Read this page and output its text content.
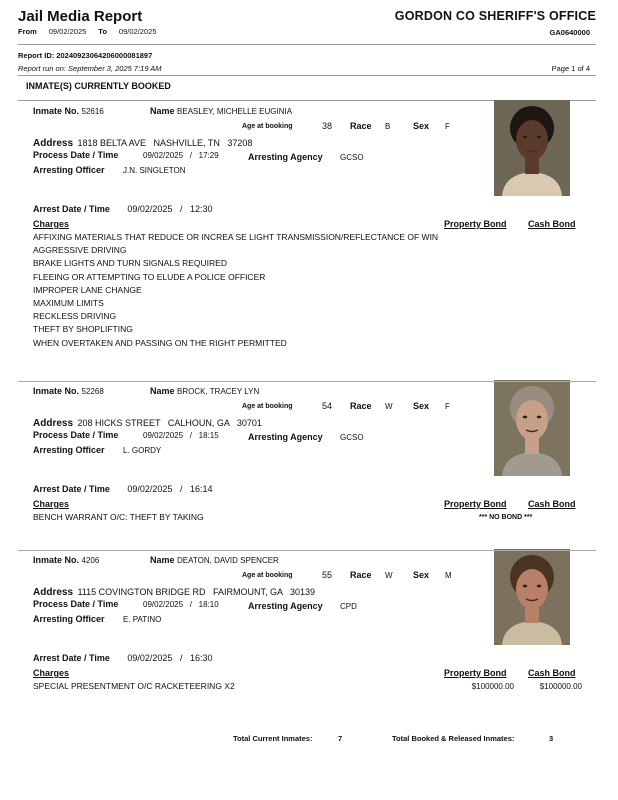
Jail Media Report	GORDON CO SHERIFF'S OFFICE
From 09/02/2025 To 09/02/2025	GA0640000
Report ID: 20240923064206000081897
Report run on: September 3, 2025 7:19 AM	Page 1 of 4
INMATE(S) CURRENTLY BOOKED
Inmate No. 52616	Name BEASLEY, MICHELLE EUGINIA
Age at booking	38 Race B	Sex F
Address 1818 BELTA AVE   NASHVILLE, TN   37208
Process Date / Time	09/02/2025 / 17:29	Arresting Agency GCSO
Arresting Officer J.N. SINGLETON
Arrest Date / Time 09/02/2025 / 12:30
Charges	Property Bond Cash Bond
AFFIXING MATERIALS THAT REDUCE OR INCREA SE LIGHT TRANSMISSION/REFLECTANCE OF WIN
AGGRESSIVE DRIVING
BRAKE LIGHTS AND TURN SIGNALS REQUIRED
FLEEING OR ATTEMPTING TO ELUDE A POLICE OFFICER
IMPROPER LANE CHANGE
MAXIMUM LIMITS
RECKLESS DRIVING
THEFT BY SHOPLIFTING
WHEN OVERTAKEN AND PASSING ON THE RIGHT PERMITTED
Inmate No. 52268	Name BROCK, TRACEY LYN
Age at booking	54 Race W Sex F
Address 208 HICKS STREET   CALHOUN, GA   30701
Process Date / Time	09/02/2025 / 18:15	Arresting Agency GCSO
Arresting Officer L. GORDY
Arrest Date / Time 09/02/2025 / 16:14
Charges	Property Bond Cash Bond
BENCH WARRANT O/C: THEFT BY TAKING	*** NO BOND ***
Inmate No. 4206	Name DEATON, DAVID SPENCER
Age at booking	55 Race W Sex M
Address 1115 COVINGTON BRIDGE RD   FAIRMOUNT, GA   30139
Process Date / Time	09/02/2025 / 18:10	Arresting Agency CPD
Arresting Officer E. PATINO
Arrest Date / Time 09/02/2025 / 16:30
Charges	Property Bond Cash Bond
SPECIAL PRESENTMENT O/C RACKETEERING X2	$100000.00	$100000.00
Total Current Inmates:	7	Total Booked & Released Inmates:	3
